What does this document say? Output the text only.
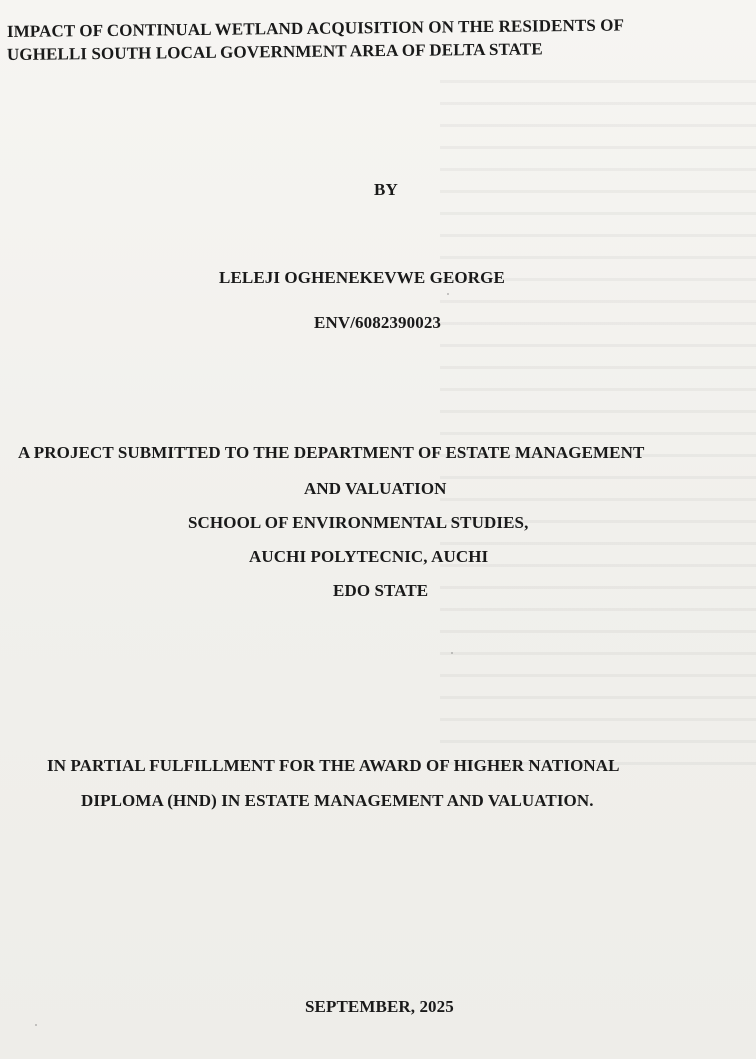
IMPACT OF CONTINUAL WETLAND ACQUISITION ON THE RESIDENTS OF

UGHELLI SOUTH LOCAL GOVERNMENT AREA OF DELTA STATE

BY

LELEJI OGHENEKEVWE GEORGE

ENV/6082390023

A PROJECT SUBMITTED TO THE DEPARTMENT OF ESTATE MANAGEMENT

AND VALUATION

SCHOOL OF ENVIRONMENTAL STUDIES,

AUCHI POLYTECNIC, AUCHI

EDO STATE

IN PARTIAL FULFILLMENT FOR THE AWARD OF HIGHER NATIONAL

DIPLOMA (HND) IN ESTATE MANAGEMENT AND VALUATION.

SEPTEMBER, 2025
